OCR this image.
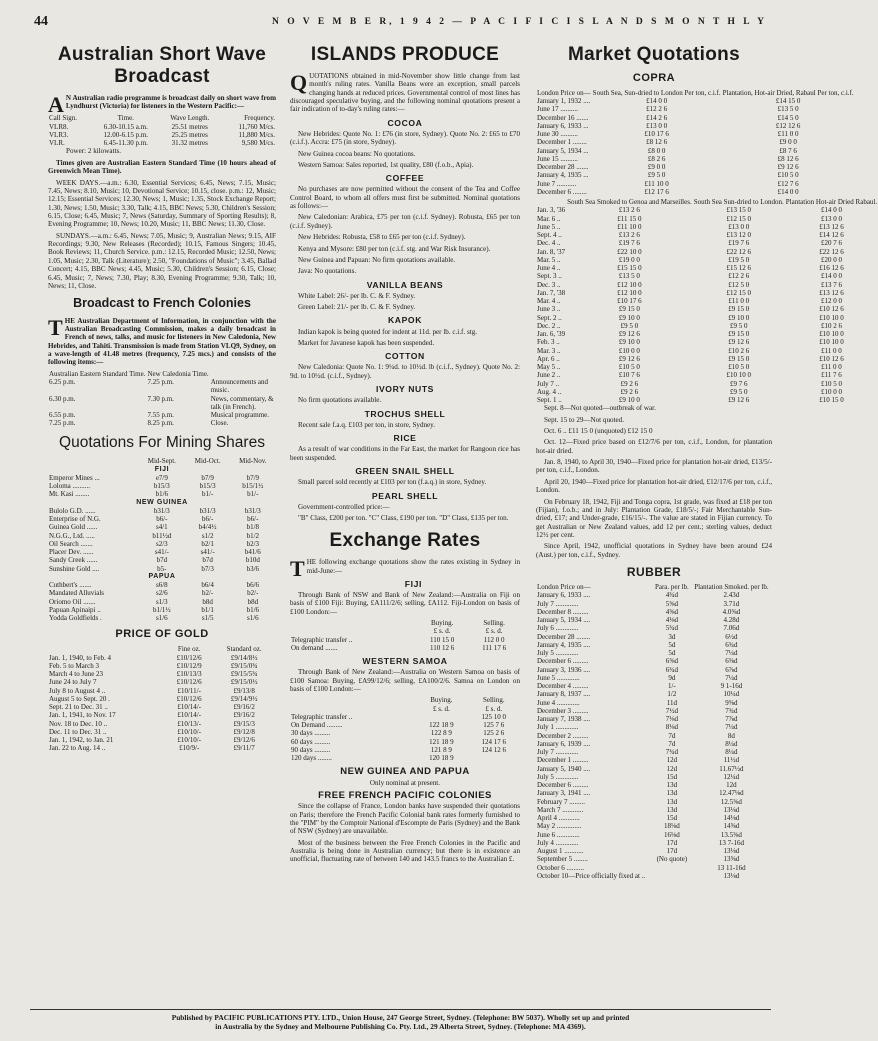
44	N O V E M B E R, 1 9 4 2 — P A C I F I C I S L A N D S M O N T H L Y
Australian Short Wave Broadcast

AN Australian radio programme is broadcast daily on short wave from Lyndhurst (Victoria) for listeners in the Western Pacific:—

Call Sign.	Time.	Wave Length.	Frequency.
VLR8.	6.30-10.15 a.m.	25.51 metres	11,760 M/cs.
VLR3.	12.00-6.15 p.m.	25.25 metres	11,880 M/cs.
VLR.	6.45-11.30 p.m.	31.32 metres	9,580 M/cs.

Power: 2 kilowatts.

Times given are Australian Eastern Standard Time (10 hours ahead of Greenwich Mean Time).

WEEK DAYS.—a.m.: 6.30, Essential Services; 6.45, News; 7.15, Music; 7.45, News; 8.10, Music; 10, Devotional Service; 10.15, close. p.m.: 12, Music; 12.15; Essential Services; 12.30, News; 1, Music; 1.35, Stock Exchange Report; 1.30, News; 1.50, Music; 3.30, Talk; 4.15, BBC News; 5.30, Children's Session; 6.15, Close; 6.45, Music; 7, News (Saturday, Summary of Sporting Results); 8, Evening Programme; 10, News; 10.20, Music; 11, BBC News; 11.30, Close.

SUNDAYS.—a.m.: 6.45, News; 7.05, Music; 9, Australian News; 9.15, AIF Recordings; 9.30, New Releases (Recorded); 10.15, Famous Singers; 10.45, Book Reviews; 11, Church Service. p.m.: 12.15, Recorded Music; 12.50, News; 1.05, Music; 2.30, Talk (Literature); 2.50, "Foundations of Music"; 3.45, Ballad Concert; 4.15, BBC News; 4.45, Music; 5.30, Children's Session; 6.15, Close; 6.45, Music; 7, News; 7.30, Play; 8.30, Evening Programme; 9.30, Talk; 10, News; 11, Close.

Broadcast to French Colonies

THE Australian Department of Information, in conjunction with the Australian Broadcasting Commission, makes a daily broadcast in French of news, talks, and music for listeners in New Caledonia, New Hebrides, and Tahiti. Transmission is made from Station VLQ9, Sydney, on a wave-length of 41.48 metres (frequency, 7.25 mcs.) and consists of the following items:—

Australian Eastern Standard Time.	New Caledonia Time.	
6.25 p.m.	7.25 p.m.	Announcements and music.
6.30 p.m.	7.30 p.m.	News, commentary, & talk (in French).
6.55 p.m.	7.55 p.m.	Musical programme.
7.25 p.m.	8.25 p.m.	Close.
Quotations For Mining Shares
	Mid-Sept.	Mid-Oct.	Mid-Nov.
FIJI			
Emperor Mines ...	e7/9	b7/9	b7/9
Loloma ..........	b15/3	b15/3	b15/1½
Mt. Kasi ........	b1/6	b1/-	b1/-
NEW GUINEA			
Bulolo G.D. ......	b31/3	b31/3	b31/3
Enterprise of N.G.	b6/-	b6/-	b6/-
Guinea Gold ......	s4/1	b4/4½	b1/8
N.G.G., Ltd. .....	b11½d	s1/2	b1/2
Oil Search .......	s2/3	b2/1	b2/3
Placer Dev. ......	s41/-	s41/-	b41/6
Sandy Creek ......	b7d	b7d	b10d
Sunshine Gold ....	b5-	b7/3	b3/6
PAPUA			
Cuthbert's .......	s6/8	b6/4	b6/6
Mandated Alluvials	s2/6	b2/-	b2/-
Oriomo Oil .......	s1/3	b8d	b8d
Papuan Apinaipi ..	b1/1½	b1/1	b1/6
Yodda Goldfields .	s1/6	s1/5	s1/6
PRICE OF GOLD
	Fine oz.	Standard oz.
Jan. 1, 1940, to Feb. 4	£10/12/6	£9/14/8½
Feb. 5 to March 3	£10/12/9	£9/15/0¾
March 4 to June 23	£10/13/3	£9/15/5¾
June 24 to July 7	£10/12/6	£9/15/0½
July 8 to August 4 ..	£10/11/-	£9/13/8
August 5 to Sept. 20 .	£10/12/6	£9/14/9½
Sept. 21 to Dec. 31 ..	£10/14/-	£9/16/2
Jan. 1, 1941, to Nov. 17	£10/14/-	£9/16/2
Nov. 18 to Dec. 10 ..	£10/13/-	£9/15/3
Dec. 11 to Dec. 31 ..	£10/10/-	£9/12/8
Jan. 1, 1942, to Jan. 21	£10/10/-	£9/12/6
Jan. 22 to Aug. 14 ..	£10/9/-	£9/11/7
ISLANDS PRODUCE

QUOTATIONS obtained in mid-November show little change from last month's ruling rates. Vanilla Beans were an exception, small parcels changing hands at reduced prices. Governmental control of most lines has discouraged speculative buying, and the following nominal quotations present a fair indication of to-day's ruling rates:—

COCOA

New Hebrides: Quote No. 1: £76 (in store, Sydney). Quote No. 2: £65 to £70 (c.i.f.). Accra: £75 (in store, Sydney).

New Guinea cocoa beans: No quotations.

Western Samoa: Sales reported, 1st quality, £80 (f.o.b., Apia).

COFFEE

No purchases are now permitted without the consent of the Tea and Coffee Control Board, to whom all offers must first be submitted. Nominal quotations as follows:—

New Caledonian: Arabica, £75 per ton (c.i.f. Sydney). Robusta, £65 per ton (c.i.f. Sydney).

New Hebrides: Robusta, £58 to £65 per ton (c.i.f. Sydney).

Kenya and Mysore: £80 per ton (c.i.f. stg. and War Risk Insurance).

New Guinea and Papuan: No firm quotations available.

Java: No quotations.

VANILLA BEANS

White Label: 26/- per lb. C. & F. Sydney.

Green Label: 21/- per lb. C. & F. Sydney.

KAPOK

Indian kapok is being quoted for indent at 11d. per lb. c.i.f. stg.

Market for Javanese kapok has been suspended.

COTTON

New Caledonia: Quote No. 1: 9¼d. to 10½d. lb (c.i.f., Sydney). Quote No. 2: 9d. to 10½d. (c.i.f., Sydney).

IVORY NUTS

No firm quotations available.

TROCHUS SHELL

Recent sale f.a.q. £103 per ton, in store, Sydney.

RICE

As a result of war conditions in the Far East, the market for Rangoon rice has been suspended.

GREEN SNAIL SHELL

Small parcel sold recently at £103 per ton (f.a.q.) in store, Sydney.

PEARL SHELL

Government-controlled price:—

"B" Class, £200 per ton. "C" Class, £190 per ton. "D" Class, £135 per ton.

Exchange Rates

THE following exchange quotations show the rates existing in Sydney in mid-June:—

FIJI

Through Bank of NSW and Bank of New Zealand:—Australia on Fiji on basis of £100 Fiji: Buying, £A111/2/6; selling, £A112. Fiji-London on basis of £100 London:—

	Buying.	Selling.
	£ s. d.	£ s. d.
Telegraphic transfer ..	110 15 0	112 0 0
On demand .......	110 12 6	111 17 6
WESTERN SAMOA

Through Bank of New Zealand:—Australia on Western Samoa on basis of £100 Samoa: Buying, £A99/12/6; selling, £A100/2/6. Samoa on London on basis of £100 London:—

	Buying.	Selling.
	£ s. d.	£ s. d.
Telegraphic transfer ..		125 10 0
On Demand .........	122 18 9	125 7 6
30 days .........	122 8 9	125 2 6
60 days .........	121 18 9	124 17 6
90 days .........	121 8 9	124 12 6
120 days ........	120 18 9	
NEW GUINEA AND PAPUA

Only nominal at present.

FREE FRENCH PACIFIC COLONIES

Since the collapse of France, London banks have suspended their quotations on Paris; therefore the French Pacific Colonial bank rates formerly furnished to the "PIM" by the Comptoir National d'Escompte de Paris (Sydney) and the Bank of NSW (Sydney) are unavailable.

Most of the business between the Free French Colonies in the Pacific and Australia is being done in Australian currency; but there is in existence an unofficial, fluctuating rate of between 140 and 143.5 francs to the Australian £.

Market Quotations
COPRA
London Price on—	South Sea, Sun-dried to London Per ton, c.i.f.	Plantation, Hot-air Dried, Rabaul Per ton, c.i.f.
January 1, 1932 ....	£14 0 0	£14 15 0
June 17 ..........	£12 2 6	£13 5 0
December 16 .......	£14 2 6	£14 5 0
January 6, 1933 ...	£13 0 0	£12 12 6
June 30 ..........	£10 17 6	£11 0 0
December 1 ........	£8 12 6	£9 0 0
January 5, 1934 ...	£8 0 0	£8 7 6
June 15 ..........	£8 2 6	£8 12 6
December 28 .......	£9 0 0	£9 12 6
January 4, 1935 ...	£9 5 0	£10 5 0
June 7 ...........	£11 10 0	£12 7 6
December 6 ........	£12 17 6	£14 0 0
	South Sea Smoked to Genoa and Marseilles.	South Sea Sun-dried to London.	Plantation Hot-air Dried Rabaul.
Jan. 3, '36	£13 2 6	£13 15 0	£14 0 0
Mar. 6 ..	£11 15 0	£12 15 0	£13 0 0
June 5 ..	£11 10 0	£13 0 0	£13 12 6
Sept. 4 ..	£13 2 6	£13 12 0	£14 12 6
Dec. 4 ..	£19 7 6	£19 7 6	£20 7 6
Jan. 8, '37	£22 10 0	£22 12 6	£22 12 6
Mar. 5 ..	£19 0 0	£19 5 0	£20 0 0
June 4 ..	£15 15 0	£15 12 6	£16 12 6
Sept. 3 ..	£13 5 0	£12 2 6	£14 0 0
Dec. 3 ..	£12 10 0	£12 5 0	£13 7 6
Jan. 7, '38	£12 10 0	£12 15 0	£13 12 6
Mar. 4 ..	£10 17 6	£11 0 0	£12 0 0
June 3 ..	£9 15 0	£9 15 0	£10 12 6
Sept. 2 ..	£9 10 0	£9 10 0	£10 10 0
Dec. 2 ..	£9 5 0	£9 5 0	£10 2 6
Jan. 6, '39	£9 12 6	£9 15 0	£10 10 0
Feb. 3 ..	£9 10 0	£9 12 6	£10 10 0
Mar. 3 ..	£10 0 0	£10 2 6	£11 0 0
Apr. 6 ..	£9 12 6	£9 15 0	£10 12 6
May 5 ..	£10 5 0	£10 5 0	£11 0 0
June 2 ..	£10 7 6	£10 10 0	£11 7 6
July 7 ..	£9 2 6	£9 7 6	£10 5 0
Aug. 4 ..	£9 2 6	£9 5 0	£10 0 0
Sept. 1 ..	£9 10 0	£9 12 6	£10 15 0

Sept. 8—Not quoted—outbreak of war.

Sept. 15 to 29—Not quoted.

Oct. 6 .. £11 15 0 (unquoted) £12 15 0

Oct. 12—Fixed price based on £12/7/6 per ton, c.i.f., London, for plantation hot-air dried.

Jan. 8, 1940, to April 30, 1940—Fixed price for plantation hot-air dried, £13/5/- per ton, c.i.f., London.

April 20, 1940—Fixed price for plantation hot-air dried, £12/17/6 per ton, c.i.f., London.

On February 18, 1942, Fiji and Tonga copra, 1st grade, was fixed at £18 per ton (Fijian), f.o.b.; and in July: Plantation Grade, £18/5/-; Fair Merchantable Sun-dried, £17; and Under-grade, £16/15/-. The value are stated in Fijian currency. To get Australian or New Zealand values, add 12 per cent.; sterling values, deduct 12½ per cent.

Since April, 1942, unofficial quotations in Sydney have been around £24 (Aust.) per ton, c.i.f., Sydney.

RUBBER
London Price on—	Para. per lb.	Plantation Smoked. per lb.
January 6, 1933 ....	4¾d	2.43d
July 7 .............	5⅝d	3.71d
December 8 .........	4⅝d	4.0⅝d
January 5, 1934 ....	4⅛d	4.28d
July 6 .............	5¾d	7.06d
December 28 ........	3d	6½d
January 4, 1935 ....	5d	6¾d
July 5 .............	5d	7¼d
December 6 .........	6⅝d	6⅝d
January 3, 1936 ....	6¾d	6⅞d
June 5 .............	9d	7¼d
December 4 .........	1/-	9 1-16d
January 8, 1937 ....	1/2	10¼d
June 4 .............	11d	9⅝d
December 3 .........	7½d	7¾d
January 7, 1938 ....	7⅛d	7⅞d
July 1 .............	8⅛d	7¼d
December 2 .........	7d	8d
January 6, 1939 ....	7d	8¼d
July 7 .............	7¾d	8¼d
December 1 .........	12d	11½d
January 5, 1940 ....	12d	11.67½d
July 5 .............	15d	12¼d
December 6 .........	13d	12d
January 3, 1941 ....	13d	12.47⅛d
February 7 .........	13d	12.5⅝d
March 7 ............	13d	13⅛d
April 4 ............	15d	14⅛d
May 2 ..............	18⅛d	14⅝d
June 6 .............	16⅛d	13.5⅝d
July 4 .............	17d	13 7-16d
August 1 ...........	17d	13⅛d
September 5 ........	(No quote)	13⅝d
October 6 ..........		13 11-16d
October 10—Price officially fixed at ..		13⅛d
Published by PACIFIC PUBLICATIONS PTY. LTD., Union House, 247 George Street, Sydney. (Telephone: BW 5037). Wholly set up and printed
in Australia by the Sydney and Melbourne Publishing Co. Pty. Ltd., 29 Alberta Street, Sydney. (Telephone: MA 4369).
